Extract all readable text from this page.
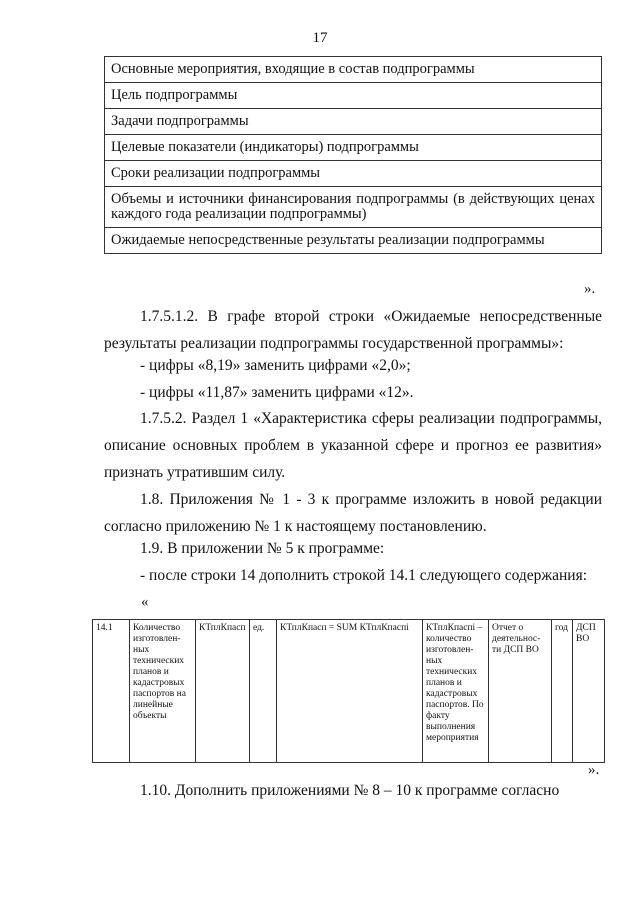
17
Основные мероприятия, входящие в состав подпрограммы
Цель подпрограммы
Задачи подпрограммы
Целевые показатели (индикаторы) подпрограммы
Сроки реализации подпрограммы
Объемы и источники финансирования подпрограммы (в действующих ценах каждого года реализации подпрограммы)
Ожидаемые непосредственные результаты реализации подпрограммы
».
1.7.5.1.2. В графе второй строки «Ожидаемые непосредственные результаты реализации подпрограммы государственной программы»:
- цифры «8,19» заменить цифрами «2,0»;
- цифры «11,87» заменить цифрами «12».
1.7.5.2. Раздел 1 «Характеристика сферы реализации подпрограммы, описание основных проблем в указанной сфере и прогноз ее развития» признать утратившим силу.
1.8. Приложения № 1 - 3 к программе изложить в новой редакции согласно приложению № 1 к настоящему постановлению.
1.9. В приложении № 5 к программе:
- после строки 14 дополнить строкой 14.1 следующего содержания:
«
14.1	Количество изготовлен-ных технических планов и кадастровых паспортов на линейные объекты	КТплКпасп	ед.	КТплКпасп = SUM КТплКпаспi	КТплКпаспi – количество изготовлен-ных технических планов и кадастровых паспортов. По факту выполнения мероприятия	Отчет о деятельнос-ти ДСП ВО	год	ДСП ВО
».
1.10. Дополнить приложениями № 8 – 10 к программе согласно
